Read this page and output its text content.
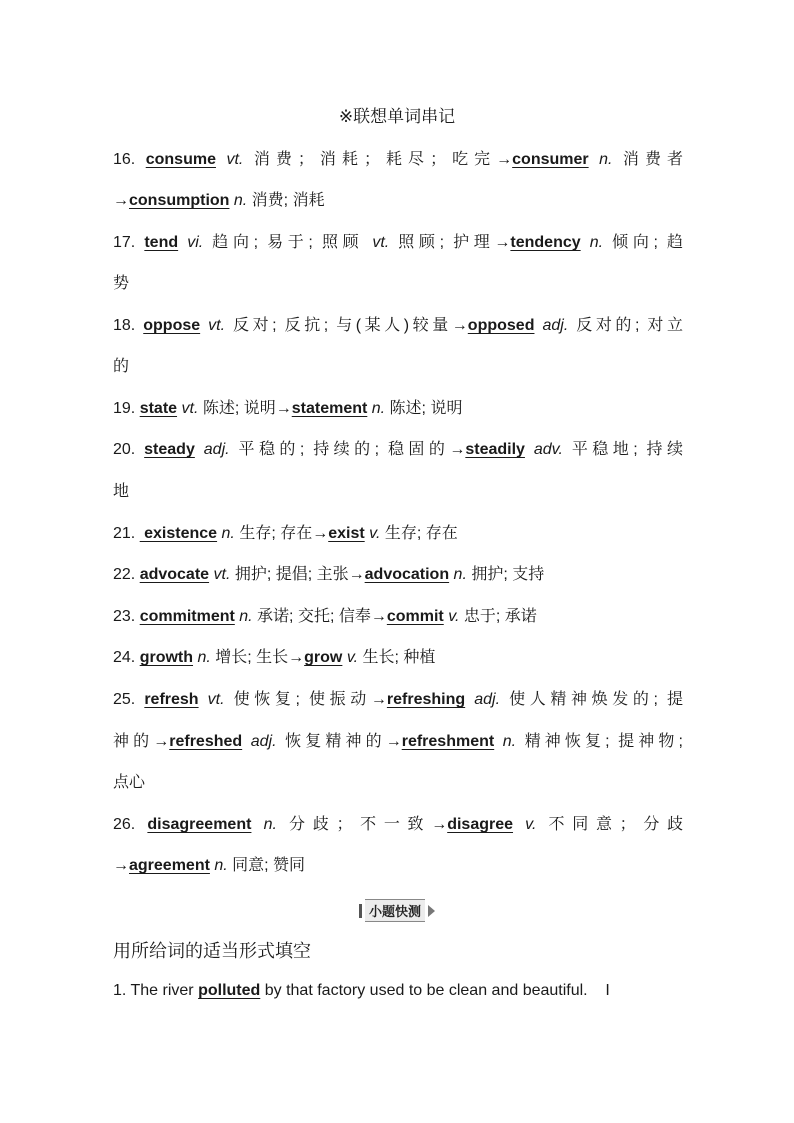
※联想单词串记
16. consume vt. 消费；消耗；耗尽；吃完→consumer n. 消费者
→consumption n. 消费; 消耗
17. tend vi. 趋向; 易于; 照顾 vt. 照顾; 护理→tendency n. 倾向; 趋
势
18. oppose vt. 反对; 反抗; 与(某人)较量→opposed adj. 反对的; 对立
的
19. state vt. 陈述; 说明→statement n. 陈述; 说明
20. steady adj. 平稳的; 持续的; 稳固的→steadily adv. 平稳地; 持续
地
21.  existence n. 生存; 存在→exist v. 生存; 存在
22. advocate vt. 拥护; 提倡; 主张→advocation n. 拥护; 支持
23. commitment n. 承诺; 交托; 信奉→commit v. 忠于; 承诺
24. growth n. 增长; 生长→grow v. 生长; 种植
25. refresh vt. 使恢复; 使振动→refreshing adj. 使人精神焕发的; 提
神的→refreshed adj. 恢复精神的→refreshment n. 精神恢复; 提神物;
点心
26. disagreement n. 分歧；不一致→disagree v. 不同意；分歧
→agreement n. 同意; 赞同
小题快测
用所给词的适当形式填空
1. The river polluted by that factory used to be clean and beautiful.    I
